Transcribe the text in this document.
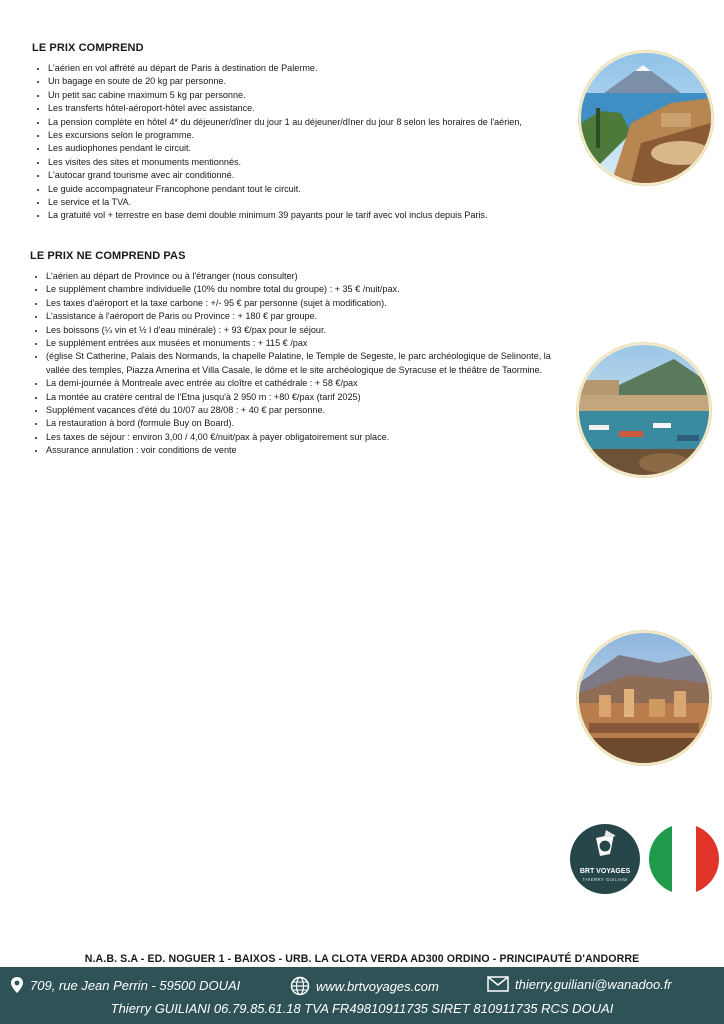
LE PRIX COMPREND
• L'aérien en vol affrété au départ de Paris à destination de Palerme.
• Un bagage en soute de 20 kg par personne.
• Un petit sac cabine maximum 5 kg par personne.
• Les transferts hôtel-aéroport-hôtel avec assistance.
• La pension complète en hôtel 4* du déjeuner/dîner du jour 1 au déjeuner/dîner du jour 8 selon les horaires de l'aérien,
• Les excursions selon le programme.
• Les audiophones pendant le circuit.
• Les visites des sites et monuments mentionnés.
• L'autocar grand tourisme avec air conditionné.
• Le guide accompagnateur Francophone pendant tout le circuit.
• Le service et la TVA.
• La gratuité vol + terrestre en base demi double minimum 39 payants pour le tarif avec vol inclus depuis Paris.
LE PRIX NE COMPREND PAS
• L'aérien au départ de Province ou à l'étranger (nous consulter)
• Le supplément chambre individuelle (10% du nombre total du groupe) : + 35 € /nuit/pax.
• Les taxes d'aéroport et la taxe carbone : +/- 95 € par personne (sujet à modification).
• L'assistance à l'aéroport de Paris ou Province : + 180 € par groupe.
• Les boissons (¼ vin et ½ l d'eau minérale) : + 93 €/pax pour le séjour.
• Le supplément entrées aux musées et monuments : + 115 € /pax
• (église St Catherine, Palais des Normands, la chapelle Palatine, le Temple de Segeste, le parc archéologique de Selinonte, la vallée des temples, Piazza Amerina et Villa Casale, le dôme et le site archéologique de Syracuse et le théâtre de Taormine.
• La demi-journée à Montreale avec entrée au cloître et cathédrale : + 58 €/pax
• La montée au cratère central de l'Etna jusqu'à 2 950 m : +80 €/pax (tarif 2025)
• Supplément vacances d'été du 10/07 au 28/08 : + 40 € par personne.
• La restauration à bord (formule Buy on Board).
• Les taxes de séjour : environ 3,00 / 4,00 €/nuit/pax à payer obligatoirement sur place.
• Assurance annulation : voir conditions de vente
BRT VOYAGES
THIERRY GUILIANI
N.A.B. S.A - ED. NOGUER 1 - BAIXOS - URB. LA CLOTA VERDA AD300 ORDINO - PRINCIPAUTÉ D'ANDORRE
709, rue Jean Perrin - 59500 DOUAI	www.brtvoyages.com	thierry.guiliani@wanadoo.fr
Thierry GUILIANI 06.79.85.61.18 TVA FR49810911735 SIRET 810911735 RCS DOUAI
